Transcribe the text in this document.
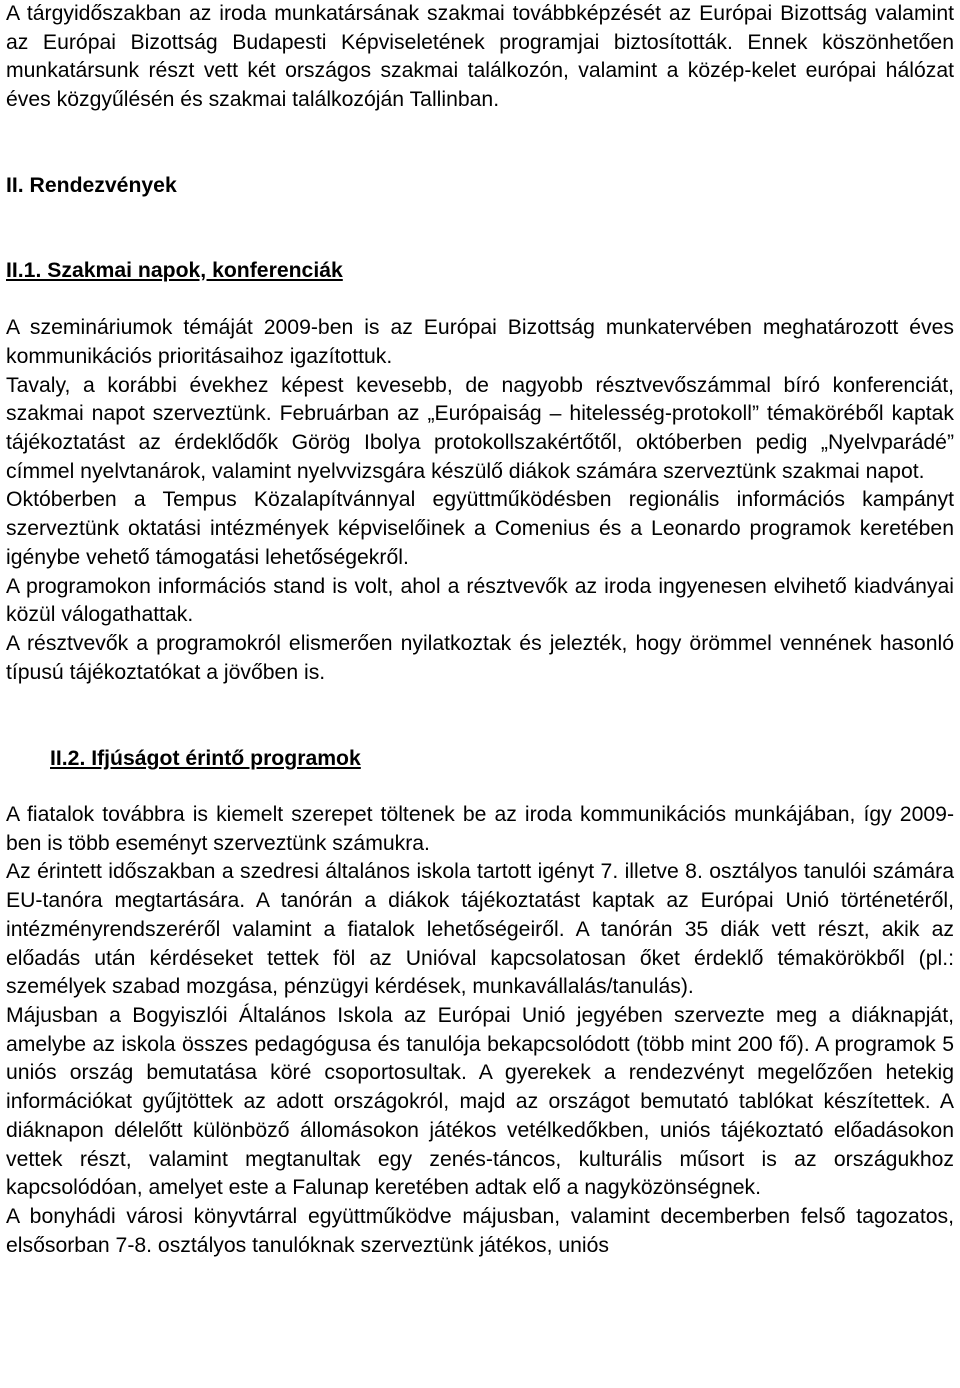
A tárgyidőszakban az iroda munkatársának szakmai továbbképzését az Európai Bizottság valamint az Európai Bizottság Budapesti Képviseletének programjai biztosították. Ennek köszönhetően munkatársunk részt vett két országos szakmai találkozón, valamint a közép-kelet európai hálózat éves közgyűlésén és szakmai találkozóján Tallinban.

II. Rendezvények

II.1. Szakmai napok, konferenciák

A szemináriumok témáját 2009-ben is az Európai Bizottság munkatervében meghatározott éves kommunikációs prioritásaihoz igazítottuk.

Tavaly, a korábbi évekhez képest kevesebb, de nagyobb résztvevőszámmal bíró konferenciát, szakmai napot szerveztünk. Februárban az „Európaiság – hitelesség-protokoll” témaköréből kaptak tájékoztatást az érdeklődők Görög Ibolya protokollszakértőtől, októberben pedig „Nyelvparádé” címmel nyelvtanárok, valamint nyelvvizsgára készülő diákok számára szerveztünk szakmai napot.

Októberben a Tempus Közalapítvánnyal együttműködésben regionális információs kampányt szerveztünk oktatási intézmények képviselőinek a Comenius és a Leonardo programok keretében igénybe vehető támogatási lehetőségekről.

A programokon információs stand is volt, ahol a résztvevők az iroda ingyenesen elvihető kiadványai közül válogathattak.

A résztvevők a programokról elismerően nyilatkoztak és jelezték, hogy örömmel vennének hasonló típusú tájékoztatókat a jövőben is.

II.2. Ifjúságot érintő programok

A fiatalok továbbra is kiemelt szerepet töltenek be az iroda kommunikációs munkájában, így 2009-ben is több eseményt szerveztünk számukra.

Az érintett időszakban a szedresi általános iskola tartott igényt 7. illetve 8. osztályos tanulói számára EU-tanóra megtartására. A tanórán a diákok tájékoztatást kaptak az Európai Unió történetéről, intézményrendszeréről valamint a fiatalok lehetőségeiről. A tanórán 35 diák vett részt, akik az előadás után kérdéseket tettek föl az Unióval kapcsolatosan őket érdeklő témakörökből (pl.: személyek szabad mozgása, pénzügyi kérdések, munkavállalás/tanulás).

Májusban a Bogyiszlói Általános Iskola az Európai Unió jegyében szervezte meg a diáknapját, amelybe az iskola összes pedagógusa és tanulója bekapcsolódott (több mint 200 fő). A programok 5 uniós ország bemutatása köré csoportosultak. A gyerekek a rendezvényt megelőzően hetekig információkat gyűjtöttek az adott országokról, majd az országot bemutató tablókat készítettek. A diáknapon délelőtt különböző állomásokon játékos vetélkedőkben, uniós tájékoztató előadásokon vettek részt, valamint megtanultak egy zenés-táncos, kulturális műsort is az országukhoz kapcsolódóan, amelyet este a Falunap keretében adtak elő a nagyközönségnek.

A bonyhádi városi könyvtárral együttműködve májusban, valamint decemberben felső tagozatos, elsősorban 7-8. osztályos tanulóknak szerveztünk játékos, uniós
